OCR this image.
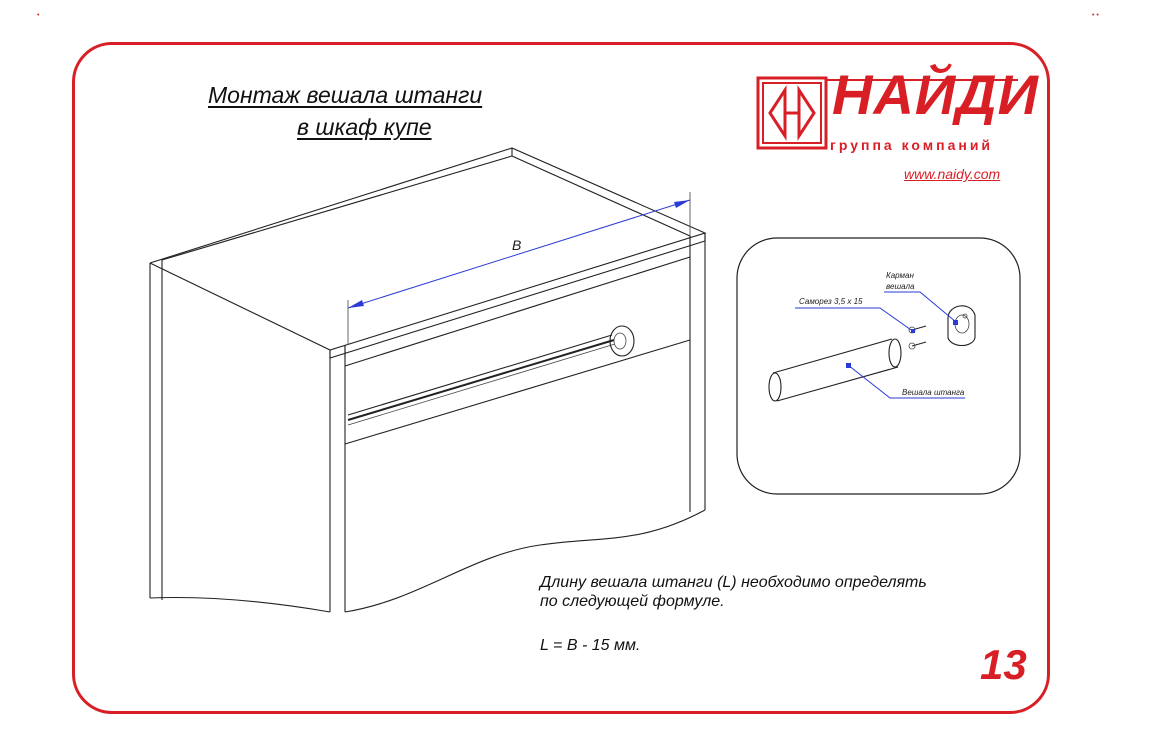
•	• •
Монтаж вешала штанги
в шкаф купе
B
Саморез 3,5 х 15
Карман
вешала
Вешала штанга
НАЙДИ
группа компаний
www.naidy.com
Длину вешала штанги (L) необходимо определять
по следующей формуле.
L = B - 15 мм.	13
